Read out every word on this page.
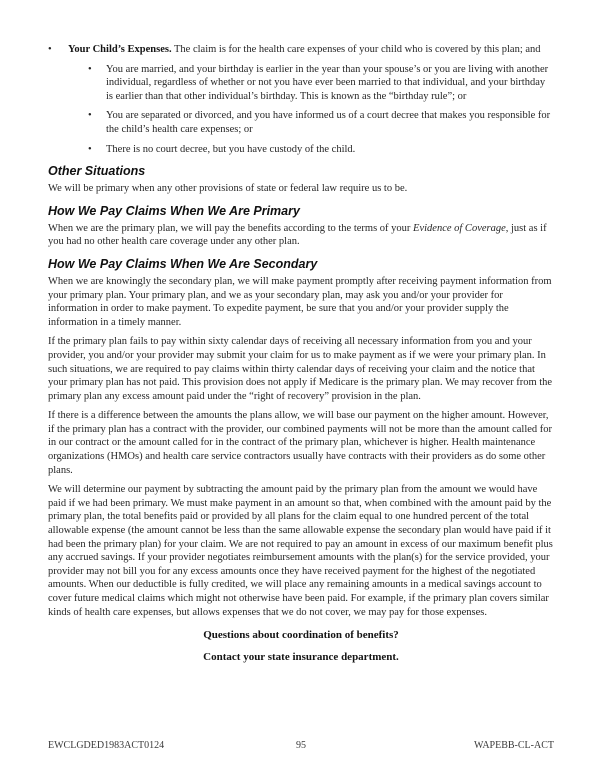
•	Your Child’s Expenses. The claim is for the health care expenses of your child who is covered by this plan; and
•	You are married, and your birthday is earlier in the year than your spouse’s or you are living with another individual, regardless of whether or not you have ever been married to that individual, and your birthday is earlier than that other individual’s birthday. This is known as the “birthday rule”; or
•	You are separated or divorced, and you have informed us of a court decree that makes you responsible for the child’s health care expenses; or
•	There is no court decree, but you have custody of the child.
Other Situations

We will be primary when any other provisions of state or federal law require us to be.

How We Pay Claims When We Are Primary

When we are the primary plan, we will pay the benefits according to the terms of your Evidence of Coverage, just as if you had no other health care coverage under any other plan.

How We Pay Claims When We Are Secondary

When we are knowingly the secondary plan, we will make payment promptly after receiving payment information from your primary plan. Your primary plan, and we as your secondary plan, may ask you and/or your provider for information in order to make payment. To expedite payment, be sure that you and/or your provider supply the information in a timely manner.

If the primary plan fails to pay within sixty calendar days of receiving all necessary information from you and your provider, you and/or your provider may submit your claim for us to make payment as if we were your primary plan. In such situations, we are required to pay claims within thirty calendar days of receiving your claim and the notice that your primary plan has not paid. This provision does not apply if Medicare is the primary plan. We may recover from the primary plan any excess amount paid under the “right of recovery” provision in the plan.

If there is a difference between the amounts the plans allow, we will base our payment on the higher amount. However, if the primary plan has a contract with the provider, our combined payments will not be more than the amount called for in our contract or the amount called for in the contract of the primary plan, whichever is higher. Health maintenance organizations (HMOs) and health care service contractors usually have contracts with their providers as do some other plans.

We will determine our payment by subtracting the amount paid by the primary plan from the amount we would have paid if we had been primary. We must make payment in an amount so that, when combined with the amount paid by the primary plan, the total benefits paid or provided by all plans for the claim equal to one hundred percent of the total allowable expense (the amount cannot be less than the same allowable expense the secondary plan would have paid if it had been the primary plan) for your claim. We are not required to pay an amount in excess of our maximum benefit plus any accrued savings. If your provider negotiates reimbursement amounts with the plan(s) for the service provided, your provider may not bill you for any excess amounts once they have received payment for the highest of the negotiated amounts. When our deductible is fully credited, we will place any remaining amounts in a medical savings account to cover future medical claims which might not otherwise have been paid. For example, if the primary plan covers similar kinds of health care expenses, but allows expenses that we do not cover, we may pay for those expenses.

Questions about coordination of benefits?
Contact your state insurance department.
EWCLGDED1983ACT0124	95	WAPEBB-CL-ACT
